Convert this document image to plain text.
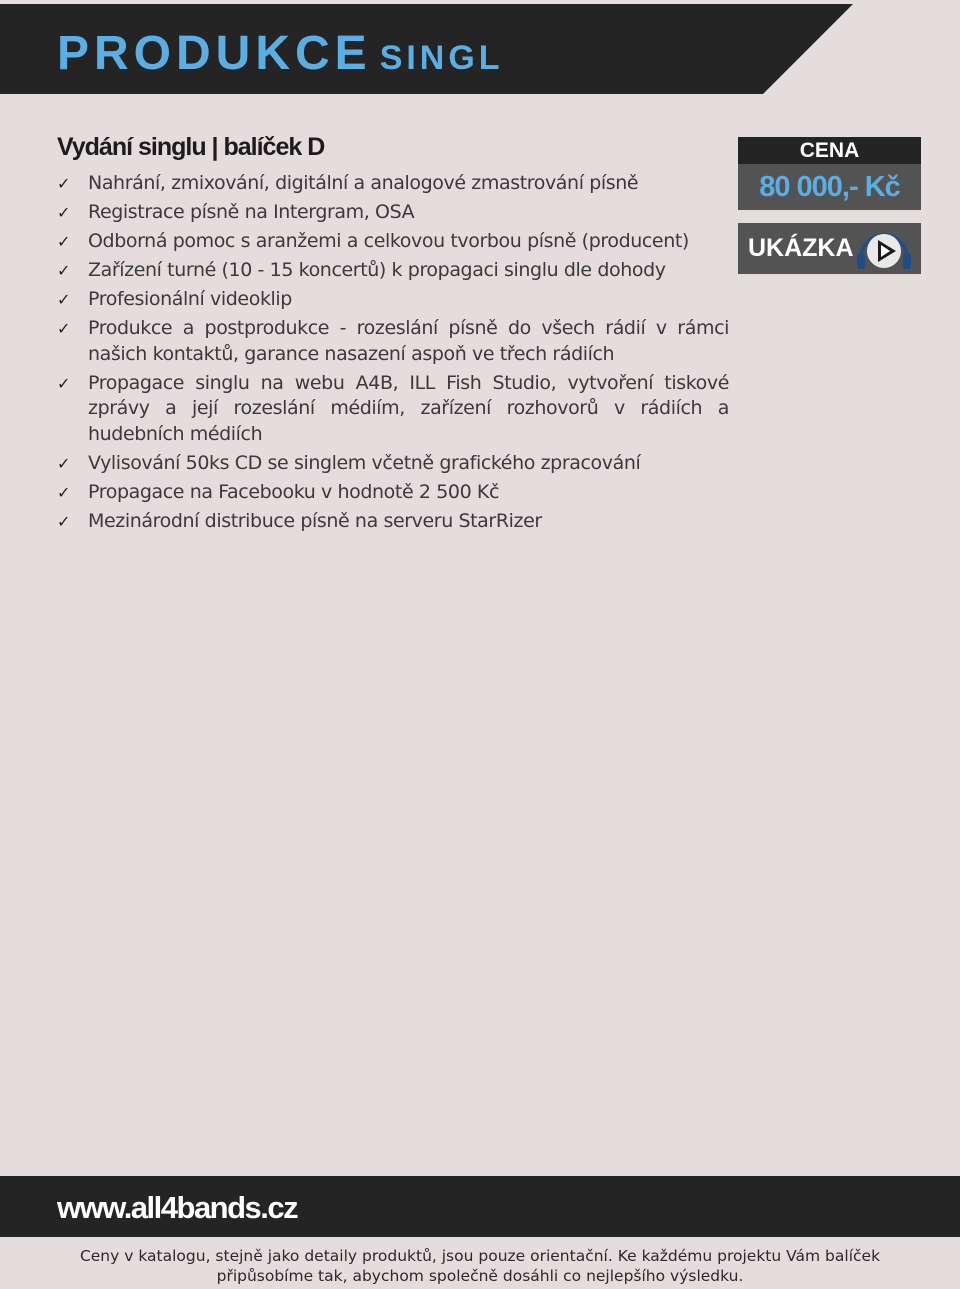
PRODUKCE SINGL
Vydání singlu | balíček D
✓ Nahrání, zmixování, digitální a analogové zmastrování písně
✓ Registrace písně na Intergram, OSA
✓ Odborná pomoc s aranžemi a celkovou tvorbou písně (producent)
✓ Zařízení turné (10 - 15 koncertů) k propagaci singlu dle dohody
✓ Profesionální videoklip
✓ Produkce a postprodukce - rozeslání písně do všech rádií v rámci našich kontaktů, garance nasazení aspoň ve třech rádiích
✓ Propagace singlu na webu A4B, ILL Fish Studio, vytvoření tiskové zprávy a její rozeslání médiím, zařízení rozhovorů v rádiích a hudebních médiích
✓ Vylisování 50ks CD se singlem včetně grafického zpracování
✓ Propagace na Facebooku v hodnotě 2 500 Kč
✓ Mezinárodní distribuce písně na serveru StarRizer
CENA
80 000,- Kč
UKÁZKA
www.all4bands.cz
Ceny v katalogu, stejně jako detaily produktů, jsou pouze orientační. Ke každému projektu Vám balíček připůsobíme tak, abychom společně dosáhli co nejlepšího výsledku.
